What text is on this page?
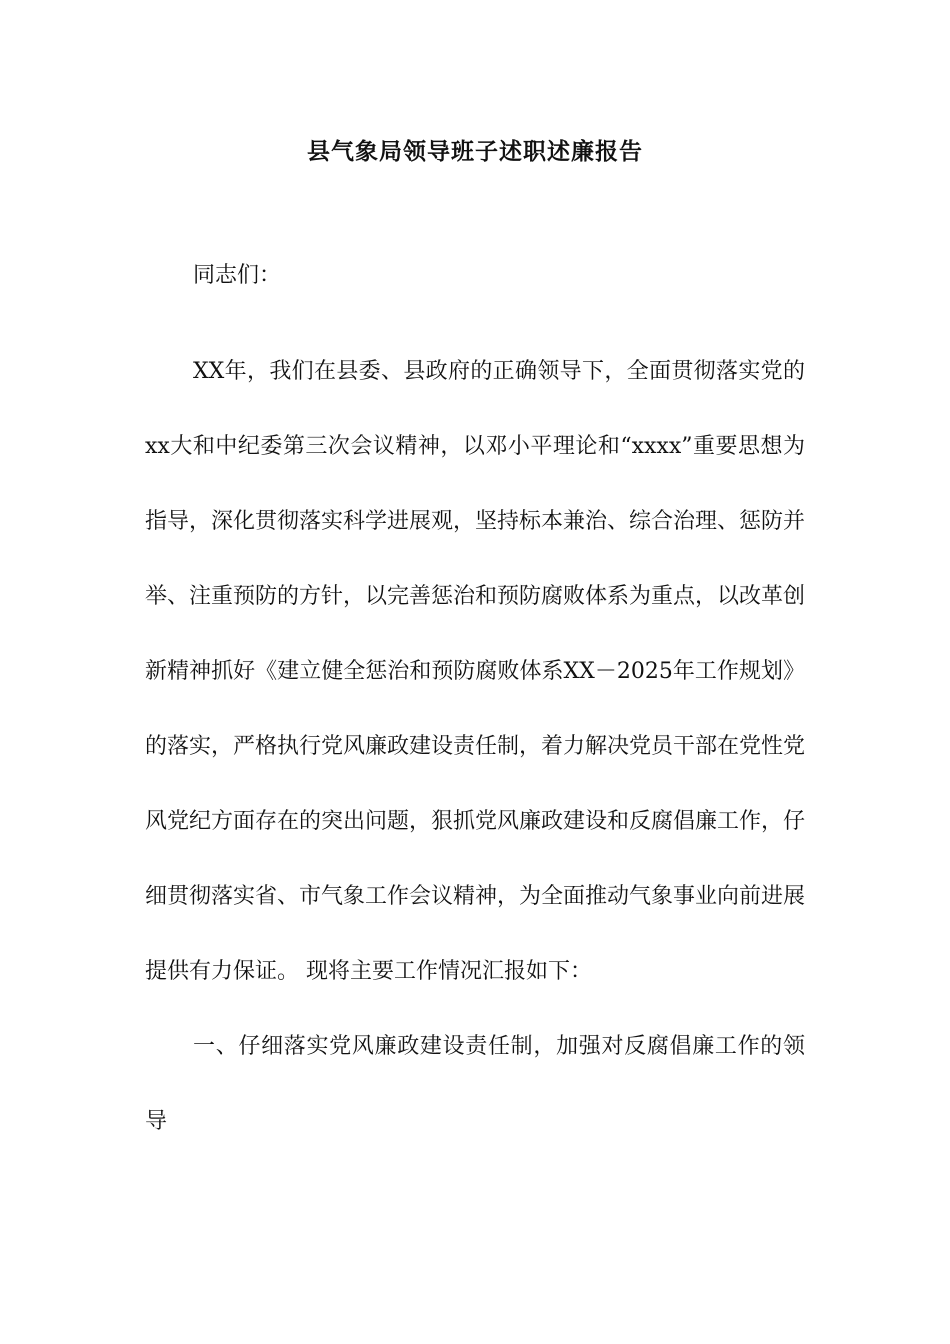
县气象局领导班子述职述廉报告
同志们：

XX年，我们在县委、县政府的正确领导下，全面贯彻落实党的xx大和中纪委第三次会议精神，以邓小平理论和“xxxx”重要思想为指导，深化贯彻落实科学进展观，坚持标本兼治、综合治理、惩防并举、注重预防的方针，以完善惩治和预防腐败体系为重点，以改革创新精神抓好《建立健全惩治和预防腐败体系XX－2025年工作规划》的落实，严格执行党风廉政建设责任制，着力解决党员干部在党性党风党纪方面存在的突出问题，狠抓党风廉政建设和反腐倡廉工作，仔细贯彻落实省、市气象工作会议精神，为全面推动气象事业向前进展提供有力保证。 现将主要工作情况汇报如下：

一、仔细落实党风廉政建设责任制，加强对反腐倡廉工作的领导
